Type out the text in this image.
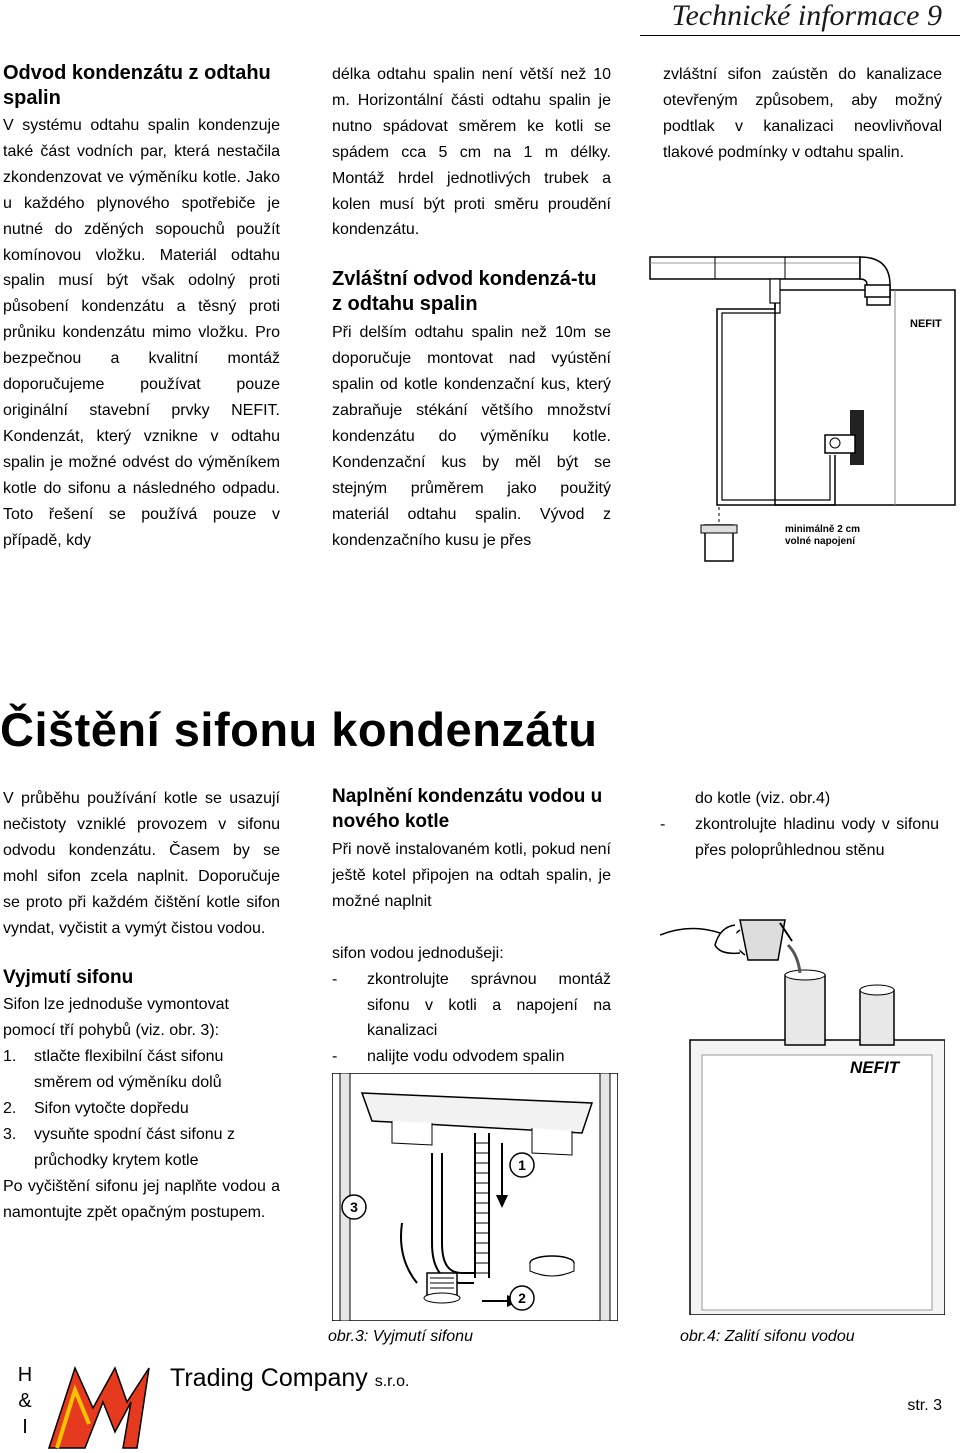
Technické informace 9
Odvod kondenzátu z odtahu spalin

V systému odtahu spalin kondenzuje také část vodních par, která nestačila zkondenzovat ve výměníku kotle. Jako u každého plynového spotřebiče je nutné do zděných sopouchů použít komínovou vložku. Materiál odtahu spalin musí být však odolný proti působení kondenzátu a těsný proti průniku kondenzátu mimo vložku. Pro bezpečnou a kvalitní montáž doporučujeme používat pouze originální stavební prvky NEFIT. Kondenzát, který vznikne v odtahu spalin je možné odvést do výměníkem kotle do sifonu a následného odpadu. Toto řešení se používá pouze v případě, kdy

délka odtahu spalin není větší než 10 m. Horizontální části odtahu spalin je nutno spádovat směrem ke kotli se spádem cca 5 cm na 1 m délky. Montáž hrdel jednotlivých trubek a kolen musí být proti směru proudění kondenzátu.

Zvláštní odvod kondenzá-tu z odtahu spalin

Při delším odtahu spalin než 10m se doporučuje montovat nad vyústění spalin od kotle kondenzační kus, který zabraňuje stékání většího množství kondenzátu do výměníku kotle. Kondenzační kus by měl být se stejným průměrem jako použitý materiál odtahu spalin. Vývod z kondenzačního kusu je přes

zvláštní sifon zaústěn do kanalizace otevřeným způsobem, aby možný podtlak v kanalizaci neovlivňoval tlakové podmínky v odtahu spalin.

NEFIT
minimálně 2 cm
volné napojení
Čištění sifonu kondenzátu

V průběhu používání kotle se usazují nečistoty vzniklé provozem v sifonu odvodu kondenzátu. Časem by se mohl sifon zcela naplnit. Doporučuje se proto při každém čištění kotle sifon vyndat, vyčistit a vymýt čistou vodou.

Vyjmutí sifonu

Sifon lze jednoduše vymontovat pomocí tří pohybů (viz. obr. 3):

1. stlačte flexibilní část sifonu směrem od výměníku dolů
2. Sifon vytočte dopředu
3. vysuňte spodní část sifonu z průchodky krytem kotle

Po vyčištění sifonu jej naplňte vodou a namontujte zpět opačným postupem.

Naplnění kondenzátu vodou u nového kotle

Při nově instalovaném kotli, pokud není ještě kotel připojen na odtah spalin, je možné naplnit

sifon vodou jednodušeji:

- zkontrolujte správnou montáž sifonu v kotli a napojení na kanalizaci
- nalijte vodu odvodem spalin
do kotle (viz. obr.4)
- zkontrolujte hladinu vody v sifonu přes poloprůhlednou stěnu
1
2
3
obr.3: Vyjmutí sifonu
NEFIT
obr.4: Zalití sifonu vodou
H
&
I
Trading Company s.r.o.
str. 3
